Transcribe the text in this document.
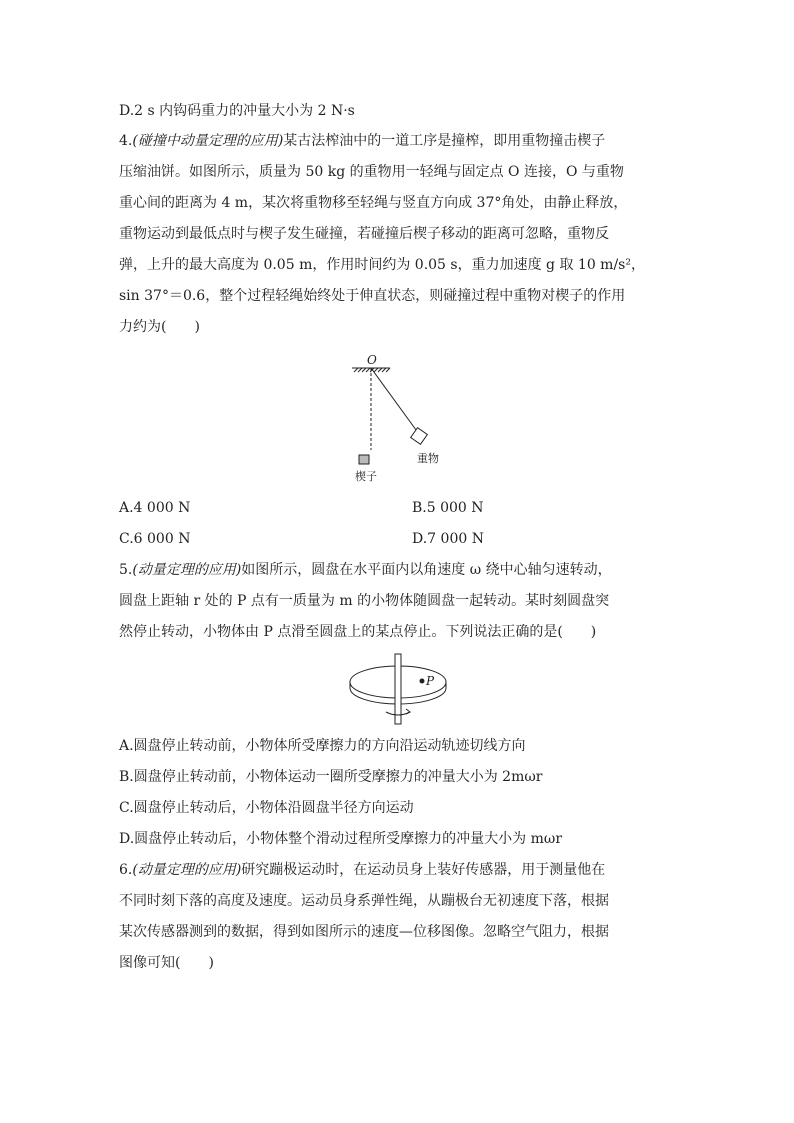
D.2 s 内钩码重力的冲量大小为 2 N·s
4.(碰撞中动量定理的应用)某古法榨油中的一道工序是撞榨，即用重物撞击楔子
压缩油饼。如图所示，质量为 50 kg 的重物用一轻绳与固定点 O 连接，O 与重物
重心间的距离为 4 m，某次将重物移至轻绳与竖直方向成 37°角处，由静止释放，
重物运动到最低点时与楔子发生碰撞，若碰撞后楔子移动的距离可忽略，重物反
弹，上升的最大高度为 0.05 m，作用时间约为 0.05 s，重力加速度 g 取 10 m/s²，
sin 37°＝0.6，整个过程轻绳始终处于伸直状态，则碰撞过程中重物对楔子的作用
力约为(　　)
O
楔子
重物
A.4 000 N	B.5 000 N
C.6 000 N	D.7 000 N
5.(动量定理的应用)如图所示，圆盘在水平面内以角速度 ω 绕中心轴匀速转动，
圆盘上距轴 r 处的 P 点有一质量为 m 的小物体随圆盘一起转动。某时刻圆盘突
然停止转动，小物体由 P 点滑至圆盘上的某点停止。下列说法正确的是(　　)
P
A.圆盘停止转动前，小物体所受摩擦力的方向沿运动轨迹切线方向
B.圆盘停止转动前，小物体运动一圈所受摩擦力的冲量大小为 2mωr
C.圆盘停止转动后，小物体沿圆盘半径方向运动
D.圆盘停止转动后，小物体整个滑动过程所受摩擦力的冲量大小为 mωr
6.(动量定理的应用)研究蹦极运动时，在运动员身上装好传感器，用于测量他在
不同时刻下落的高度及速度。运动员身系弹性绳，从蹦极台无初速度下落，根据
某次传感器测到的数据，得到如图所示的速度—位移图像。忽略空气阻力，根据
图像可知(　　)
